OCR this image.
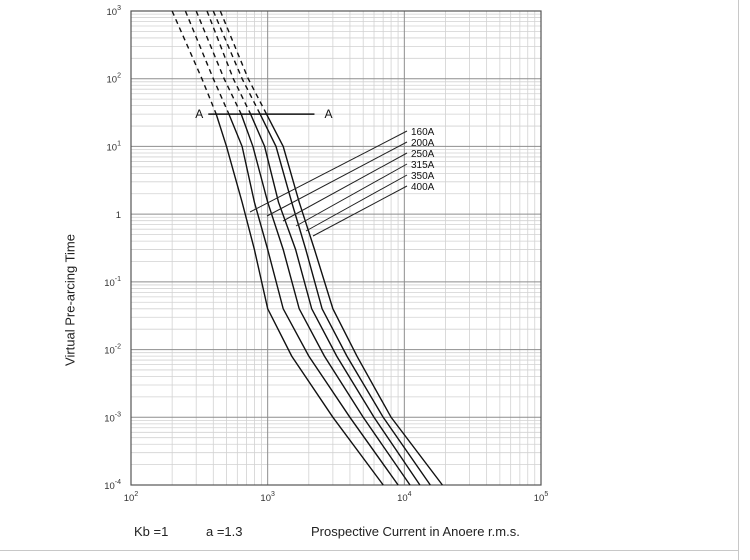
$10^2$	$10^3$	$10^4$	$10^5$
$10^{-4}$
$10^{-3}$
$10^{-2}$
$10^{-1}$
1
$10^1$
$10^2$
$10^3$
A	A
160A
200A
250A
315A
350A
400A
Virtual Pre-arcing Time
Kb =1	a =1.3	Prospective Current in Anoere r.m.s.
